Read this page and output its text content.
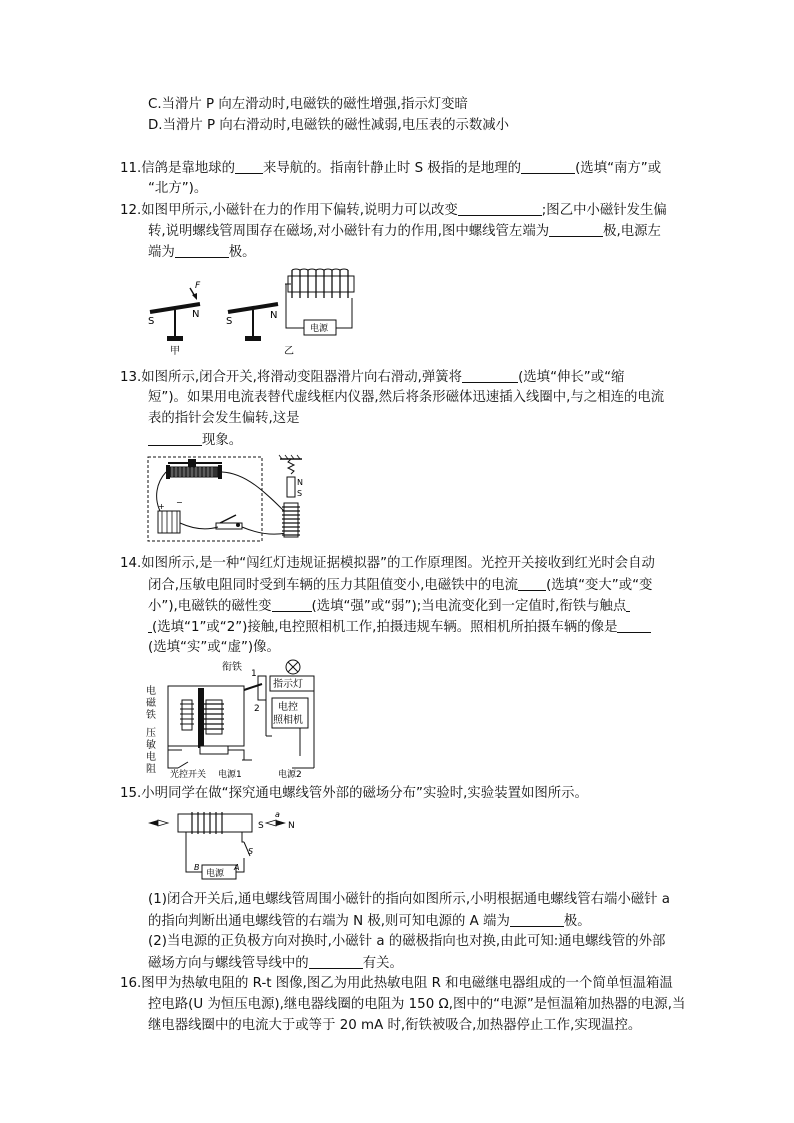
C.当滑片 P 向左滑动时,电磁铁的磁性增强,指示灯变暗
D.当滑片 P 向右滑动时,电磁铁的磁性减弱,电压表的示数减小
11.信鸽是靠地球的 来导航的。指南针静止时 S 极指的是地理的	(选填“南方”或
“北方”)。
12.如图甲所示,小磁针在力的作用下偏转,说明力可以改变	;图乙中小磁针发生偏
转,说明螺线管周围存在磁场,对小磁针有力的作用,图中螺线管左端为	极,电源左
端为	极。
S
N
F
甲
S
N
乙
电源
13.如图所示,闭合开关,将滑动变阻器滑片向右滑动,弹簧将	(选填“伸长”或“缩
短”)。如果用电流表替代虚线框内仪器,然后将条形磁体迅速插入线圈中,与之相连的电流
表的指针会发生偏转,这是
现象。
+ −
N
S
14.如图所示,是一种“闯红灯违规证据模拟器”的工作原理图。光控开关接收到红光时会自动
闭合,压敏电阻同时受到车辆的压力其阻值变小,电磁铁中的电流 (选填“变大”或“变
小”),电磁铁的磁性变	(选填“强”或“弱”);当电流变化到一定值时,衔铁与触点
(选填“1”或“2”)接触,电控照相机工作,拍摄违规车辆。照相机所拍摄车辆的像是
(选填“实”或“虚”)像。
电
磁
铁
压
敏
电
阻
衔铁
指示灯
电控
照相机
1
2
光控开关 电源1	电源2
15.小明同学在做“探究通电螺线管外部的磁场分布”实验时,实验装置如图所示。
S
a
N
S
电源
B	A
(1)闭合开关后,通电螺线管周围小磁针的指向如图所示,小明根据通电螺线管右端小磁针 a
的指向判断出通电螺线管的右端为 N 极,则可知电源的 A 端为	极。
(2)当电源的正负极方向对换时,小磁针 a 的磁极指向也对换,由此可知:通电螺线管的外部
磁场方向与螺线管导线中的	有关。
16.图甲为热敏电阻的 R-t 图像,图乙为用此热敏电阻 R 和电磁继电器组成的一个简单恒温箱温
控电路(U 为恒压电源),继电器线圈的电阻为 150 Ω,图中的“电源”是恒温箱加热器的电源,当
继电器线圈中的电流大于或等于 20 mA 时,衔铁被吸合,加热器停止工作,实现温控。
